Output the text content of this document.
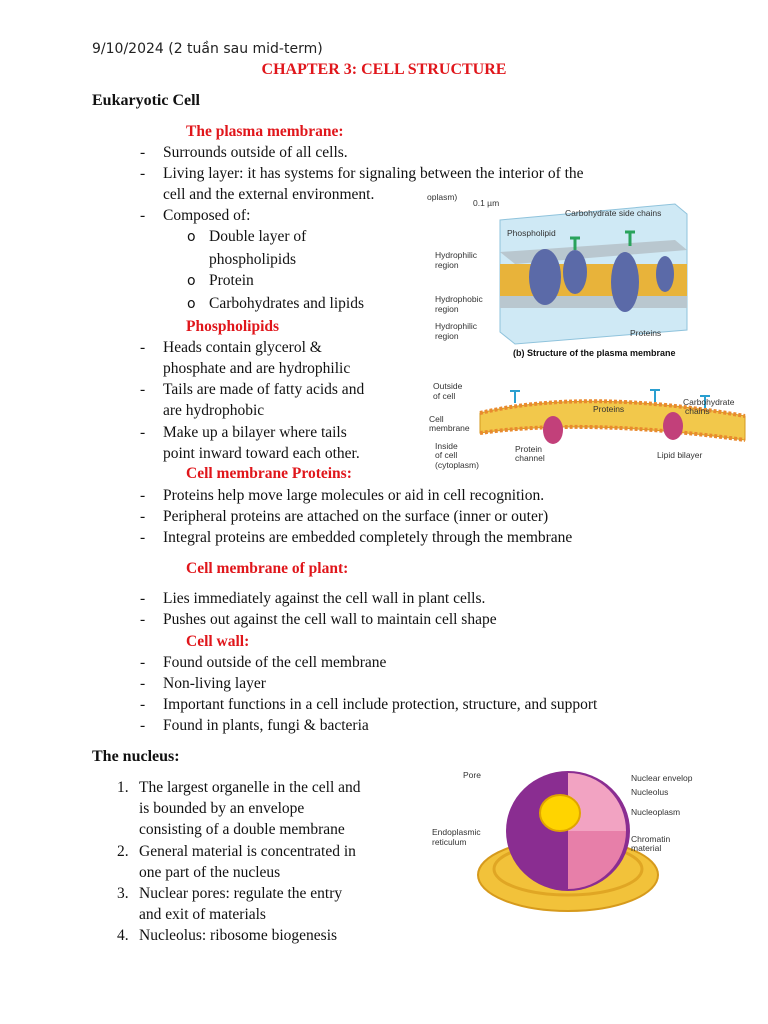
9/10/2024 (2 tuần sau mid-term)
CHAPTER 3: CELL STRUCTURE
Eukaryotic Cell
The plasma membrane:
- Surrounds outside of all cells.
- Living layer: it has systems for signaling between the interior of the
cell and the external environment.
- Composed of:
o Double layer of
phospholipids
o Protein
o Carbohydrates and lipids
Phospholipids
- Heads contain glycerol &
phosphate and are hydrophilic
- Tails are made of fatty acids and
are hydrophobic
- Make up a bilayer where tails
point inward toward each other.
Cell membrane Proteins:
- Proteins help move large molecules or aid in cell recognition.
- Peripheral proteins are attached on the surface (inner or outer)
- Integral proteins are embedded completely through the membrane
Cell membrane of plant:
- Lies immediately against the cell wall in plant cells.
- Pushes out against the cell wall to maintain cell shape
Cell wall:
- Found outside of the cell membrane
- Non-living layer
- Important functions in a cell include protection, structure, and support
- Found in plants, fungi & bacteria
The nucleus:
1. The largest organelle in the cell and
is bounded by an envelope
consisting of a double membrane
2. General material is concentrated in
one part of the nucleus
3. Nuclear pores: regulate the entry
and exit of materials
4. Nucleolus: ribosome biogenesis
oplasm)
0.1 µm
Carbohydrate side chains
Phospholipid
Hydrophilic
region
Hydrophobic
region
Hydrophilic
region	Proteins
(b) Structure of the plasma membrane
Outside
of cell
Cell
membrane
Inside
of cell
(cytoplasm)
Proteins
Carbohydrate
chains
Protein
channel	Lipid bilayer
Pore	Nuclear envelop
Nucleolus
Nucleoplasm
Endoplasmic
reticulum	Chromatin
material
